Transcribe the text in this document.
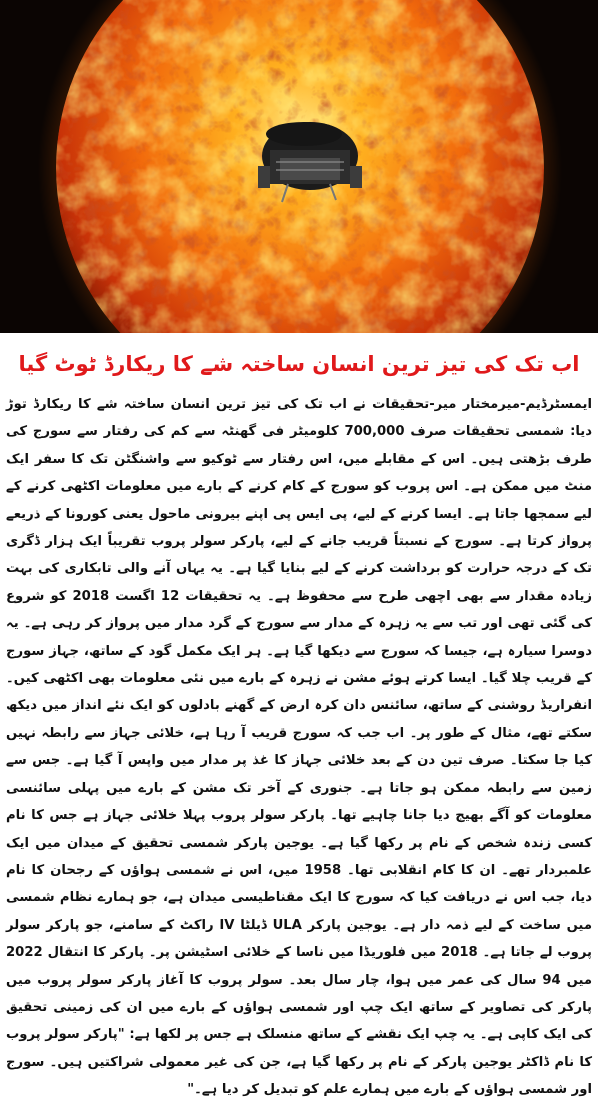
اب تک کی تیز ترین انسان ساختہ شے کا ریکارڈ ٹوٹ گیا

ایمسٹرڈیم-میرمختار میر-تحقیقات نے اب تک کی تیز ترین انسان ساختہ شے کا ریکارڈ توڑ دیا: شمسی تحقیقات صرف 700,000 کلومیٹر فی گھنٹہ سے کم کی رفتار سے سورج کی طرف بڑھتی ہیں۔ اس کے مقابلے میں، اس رفتار سے ٹوکیو سے واشنگٹن تک کا سفر ایک منٹ میں ممکن ہے۔ اس پروب کو سورج کے کام کرنے کے بارے میں معلومات اکٹھی کرنے کے لیے سمجھا جاتا ہے۔ ایسا کرنے کے لیے، پی ایس پی اپنے بیرونی ماحول یعنی کورونا کے ذریعے پرواز کرتا ہے۔ سورج کے نسبتاً قریب جانے کے لیے، پارکر سولر پروب تقریباً ایک ہزار ڈگری تک کے درجہ حرارت کو برداشت کرنے کے لیے بنایا گیا ہے۔ یہ یہاں آنے والی تابکاری کی بہت زیادہ مقدار سے بھی اچھی طرح سے محفوظ ہے۔ یہ تحقیقات 12 اگست 2018 کو شروع کی گئی تھی اور تب سے یہ زہرہ کے مدار سے سورج کے گرد مدار میں پرواز کر رہی ہے۔ یہ دوسرا سیارہ ہے، جیسا کہ سورج سے دیکھا گیا ہے۔ ہر ایک مکمل گود کے ساتھ، جہاز سورج کے قریب چلا گیا۔ ایسا کرتے ہوئے مشن نے زہرہ کے بارے میں نئی معلومات بھی اکٹھی کیں۔ انفراریڈ روشنی کے ساتھ، سائنس دان کرہ ارض کے گھنے بادلوں کو ایک نئے انداز میں دیکھ سکتے تھے، مثال کے طور پر۔ اب جب کہ سورج قریب آ رہا ہے، خلائی جہاز سے رابطہ نہیں کیا جا سکتا۔ صرف تین دن کے بعد خلائی جہاز کا غذ پر مدار میں واپس آ گیا ہے۔ جس سے زمین سے رابطہ ممکن ہو جاتا ہے۔ جنوری کے آخر تک مشن کے بارے میں پہلی سائنسی معلومات کو آگے بھیج دیا جانا چاہیے تھا۔ پارکر سولر پروب پہلا خلائی جہاز ہے جس کا نام کسی زندہ شخص کے نام پر رکھا گیا ہے۔ یوجین پارکر شمسی تحقیق کے میدان میں ایک علمبردار تھے۔ ان کا کام انقلابی تھا۔ 1958 میں، اس نے شمسی ہواؤں کے رجحان کا نام دیا، جب اس نے دریافت کیا کہ سورج کا ایک مقناطیسی میدان ہے، جو ہمارے نظام شمسی میں ساخت کے لیے ذمہ دار ہے۔ یوجین پارکر ULA ڈیلٹا IV راکٹ کے سامنے، جو پارکر سولر پروب لے جاتا ہے۔ 2018 میں فلوریڈا میں ناسا کے خلائی اسٹیشن پر۔ پارکر کا انتقال 2022 میں 94 سال کی عمر میں ہوا، چار سال بعد۔ سولر پروب کا آغاز پارکر سولر پروب میں پارکر کی تصاویر کے ساتھ ایک چپ اور شمسی ہواؤں کے بارے میں ان کی زمینی تحقیق کی ایک کاپی ہے۔ یہ چپ ایک نقشے کے ساتھ منسلک ہے جس پر لکھا ہے: "پارکر سولر پروب کا نام ڈاکٹر یوجین پارکر کے نام پر رکھا گیا ہے، جن کی غیر معمولی شراکتیں ہیں۔ سورج اور شمسی ہواؤں کے بارے میں ہمارے علم کو تبدیل کر دیا ہے۔"
